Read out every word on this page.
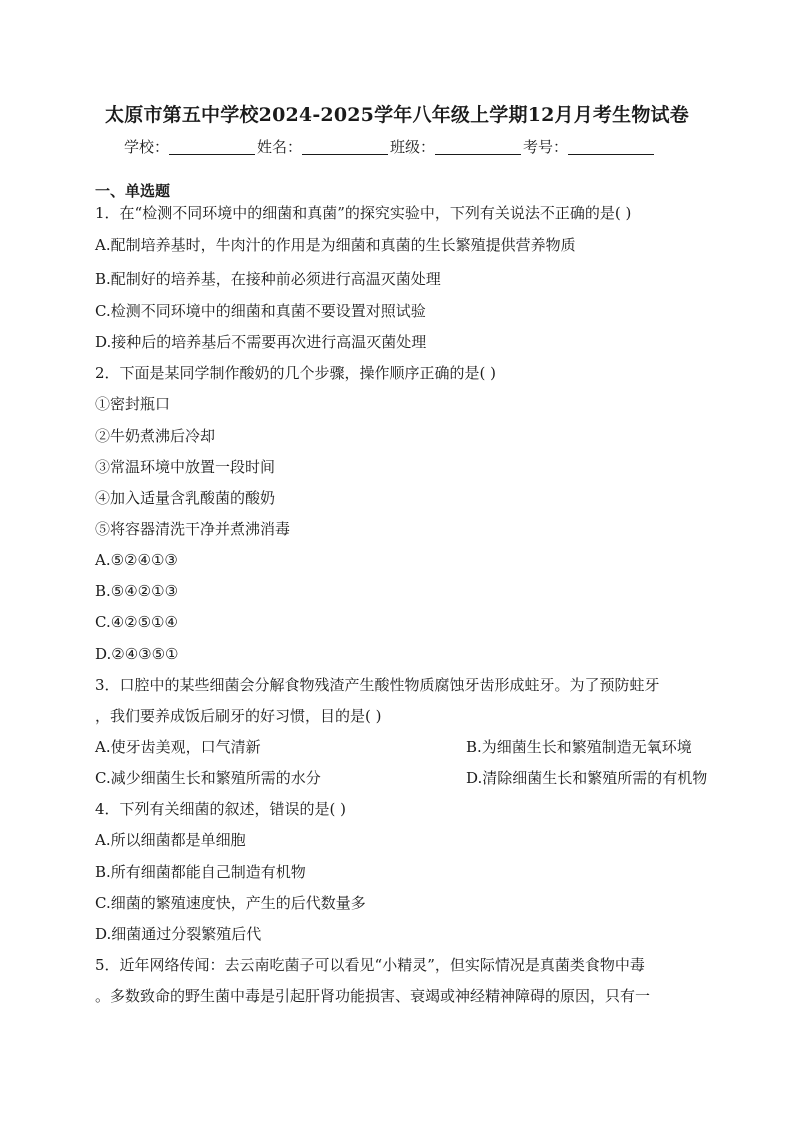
太原市第五中学校2024-2025学年八年级上学期12月月考生物试卷
学校：	姓名：	班级：	考号：
一、单选题
1．在“检测不同环境中的细菌和真菌”的探究实验中，下列有关说法不正确的是( )
A.配制培养基时，牛肉汁的作用是为细菌和真菌的生长繁殖提供营养物质
B.配制好的培养基，在接种前必须进行高温灭菌处理
C.检测不同环境中的细菌和真菌不要设置对照试验
D.接种后的培养基后不需要再次进行高温灭菌处理
2．下面是某同学制作酸奶的几个步骤，操作顺序正确的是( )
①密封瓶口
②牛奶煮沸后冷却
③常温环境中放置一段时间
④加入适量含乳酸菌的酸奶
⑤将容器清洗干净并煮沸消毒
A.⑤②④①③
B.⑤④②①③
C.④②⑤①④
D.②④③⑤①
3．口腔中的某些细菌会分解食物残渣产生酸性物质腐蚀牙齿形成蛀牙。为了预防蛀牙
，我们要养成饭后刷牙的好习惯，目的是( )
A.使牙齿美观，口气清新	B.为细菌生长和繁殖制造无氧环境
C.减少细菌生长和繁殖所需的水分	D.清除细菌生长和繁殖所需的有机物
4．下列有关细菌的叙述，错误的是( )
A.所以细菌都是单细胞
B.所有细菌都能自己制造有机物
C.细菌的繁殖速度快，产生的后代数量多
D.细菌通过分裂繁殖后代
5．近年网络传闻：去云南吃菌子可以看见“小精灵”，但实际情况是真菌类食物中毒
。多数致命的野生菌中毒是引起肝肾功能损害、衰竭或神经精神障碍的原因，只有一
